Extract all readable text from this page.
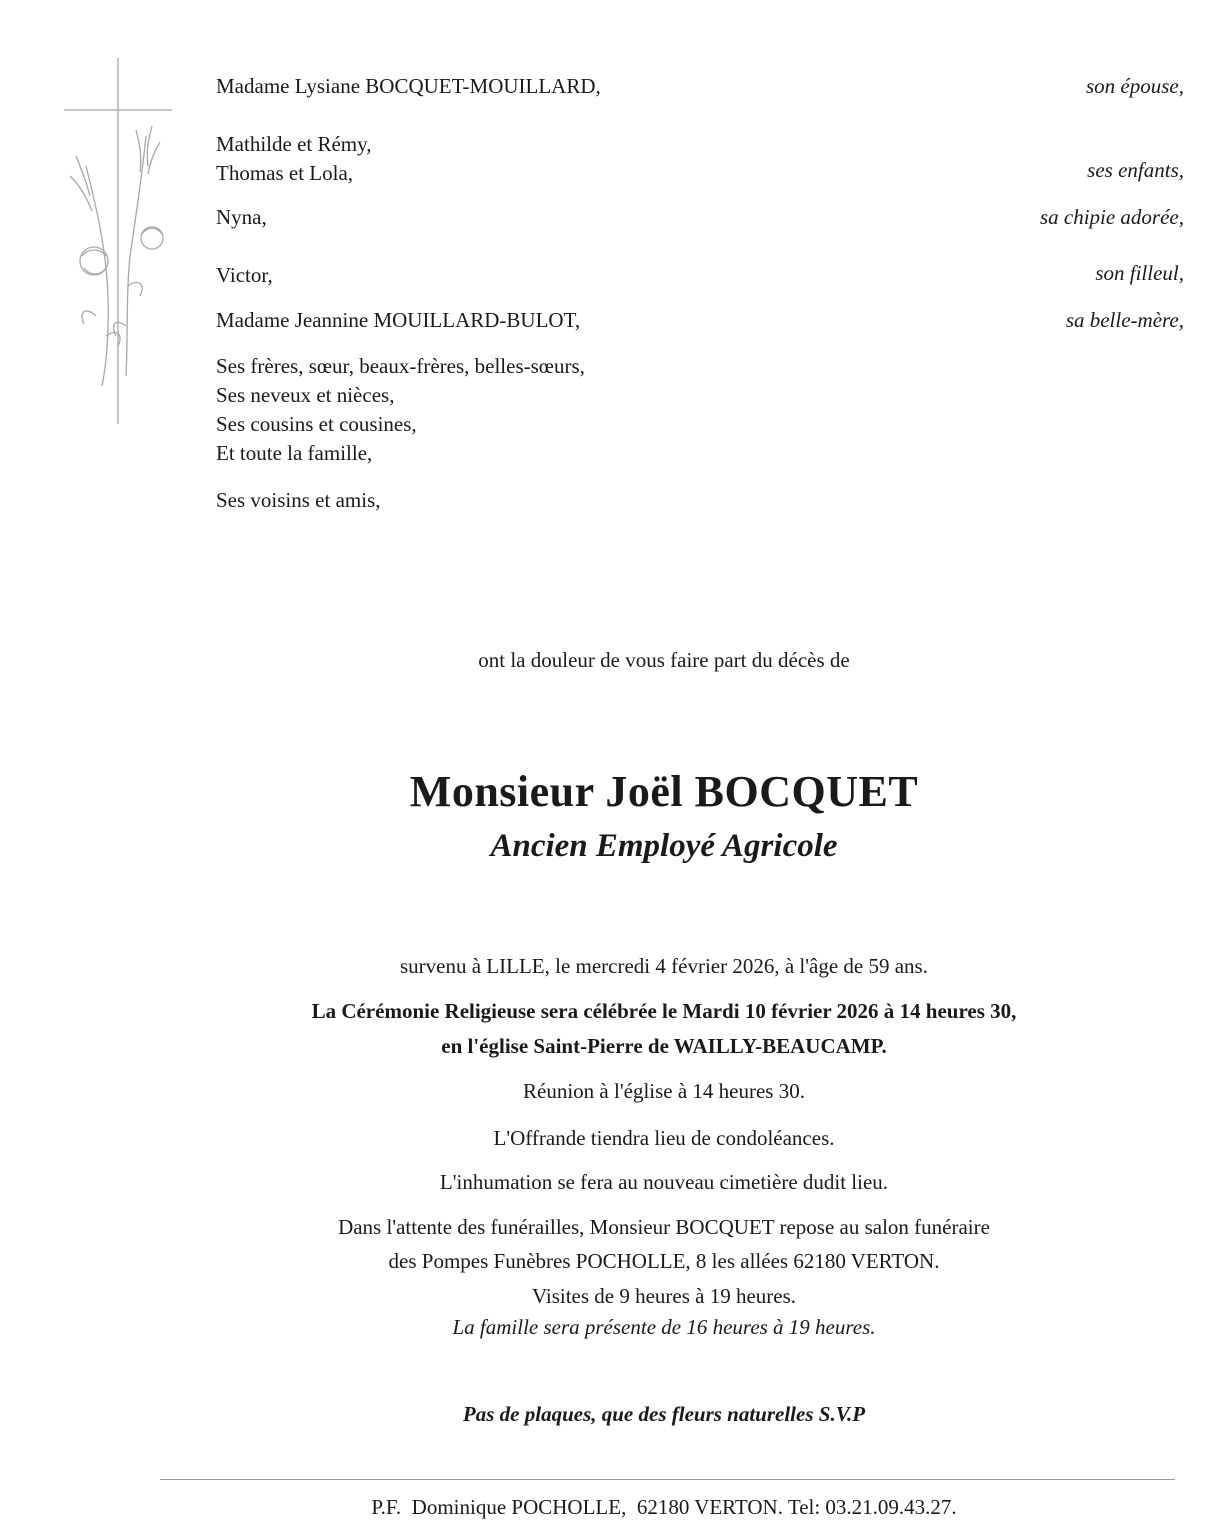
Madame Lysiane BOCQUET-MOUILLARD,
Mathilde et Rémy,
Thomas et Lola,
Nyna,
Victor,
Madame Jeannine MOUILLARD-BULOT,
Ses frères, sœur, beaux-frères, belles-sœurs,
Ses neveux et nièces,
Ses cousins et cousines,
Et toute la famille,
Ses voisins et amis,
son épouse,
ses enfants,
sa chipie adorée,
son filleul,
sa belle-mère,
ont la douleur de vous faire part du décès de
Monsieur Joël BOCQUET
Ancien Employé Agricole
survenu à LILLE, le mercredi 4 février 2026, à l'âge de 59 ans.
La Cérémonie Religieuse sera célébrée le Mardi 10 février 2026 à 14 heures 30,
en l'église Saint-Pierre de WAILLY-BEAUCAMP.
Réunion à l'église à 14 heures 30.
L'Offrande tiendra lieu de condoléances.
L'inhumation se fera au nouveau cimetière dudit lieu.
Dans l'attente des funérailles, Monsieur BOCQUET repose au salon funéraire
des Pompes Funèbres POCHOLLE, 8 les allées 62180 VERTON.
Visites de 9 heures à 19 heures.
La famille sera présente de 16 heures à 19 heures.
Pas de plaques, que des fleurs naturelles S.V.P
P.F.  Dominique POCHOLLE,  62180 VERTON. Tel: 03.21.09.43.27.
